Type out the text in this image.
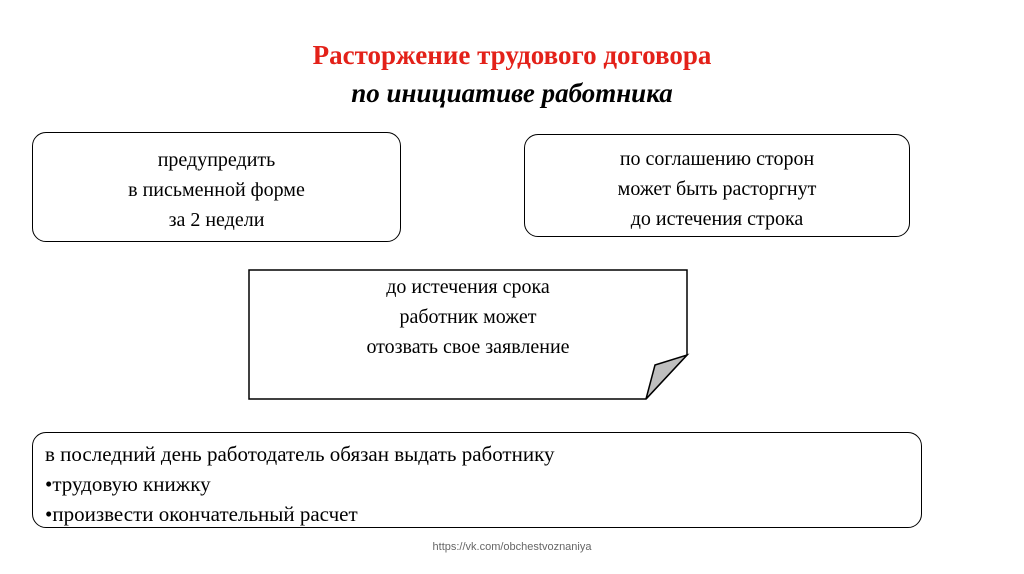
Расторжение трудового договора
по инициативе работника
предупредить
в письменной форме
за 2 недели
по соглашению сторон
может быть расторгнут
до истечения строка
до истечения срока
работник может
отозвать свое заявление
в последний день работодатель обязан выдать работнику
•трудовую книжку
•произвести окончательный расчет
https://vk.com/obchestvoznaniya
